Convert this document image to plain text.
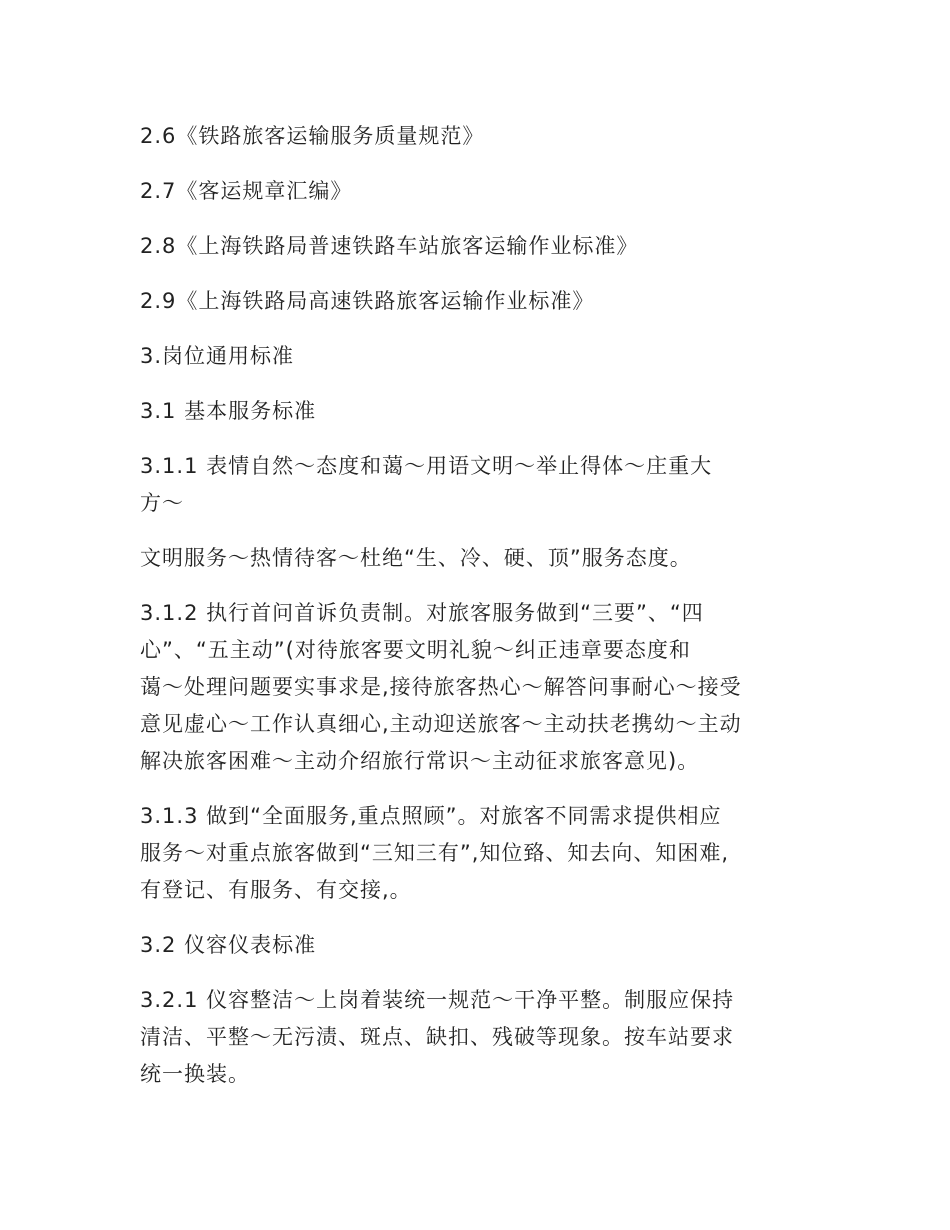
2.6《铁路旅客运输服务质量规范》

2.7《客运规章汇编》

2.8《上海铁路局普速铁路车站旅客运输作业标准》

2.9《上海铁路局高速铁路旅客运输作业标准》

3.岗位通用标准

3.1 基本服务标准

3.1.1 表情自然～态度和蔼～用语文明～举止得体～庄重大
方～

文明服务～热情待客～杜绝“生、冷、硬、顶”服务态度。

3.1.2 执行首问首诉负责制。对旅客服务做到“三要”、“四
心”、“五主动”(对待旅客要文明礼貌～纠正违章要态度和
蔼～处理问题要实事求是,接待旅客热心～解答问事耐心～接受
意见虚心～工作认真细心,主动迎送旅客～主动扶老携幼～主动
解决旅客困难～主动介绍旅行常识～主动征求旅客意见)。

3.1.3 做到“全面服务,重点照顾”。对旅客不同需求提供相应
服务～对重点旅客做到“三知三有”,知位臵、知去向、知困难,
有登记、有服务、有交接,。

3.2 仪容仪表标准

3.2.1 仪容整洁～上岗着装统一规范～干净平整。制服应保持
清洁、平整～无污渍、斑点、缺扣、残破等现象。按车站要求
统一换装。
